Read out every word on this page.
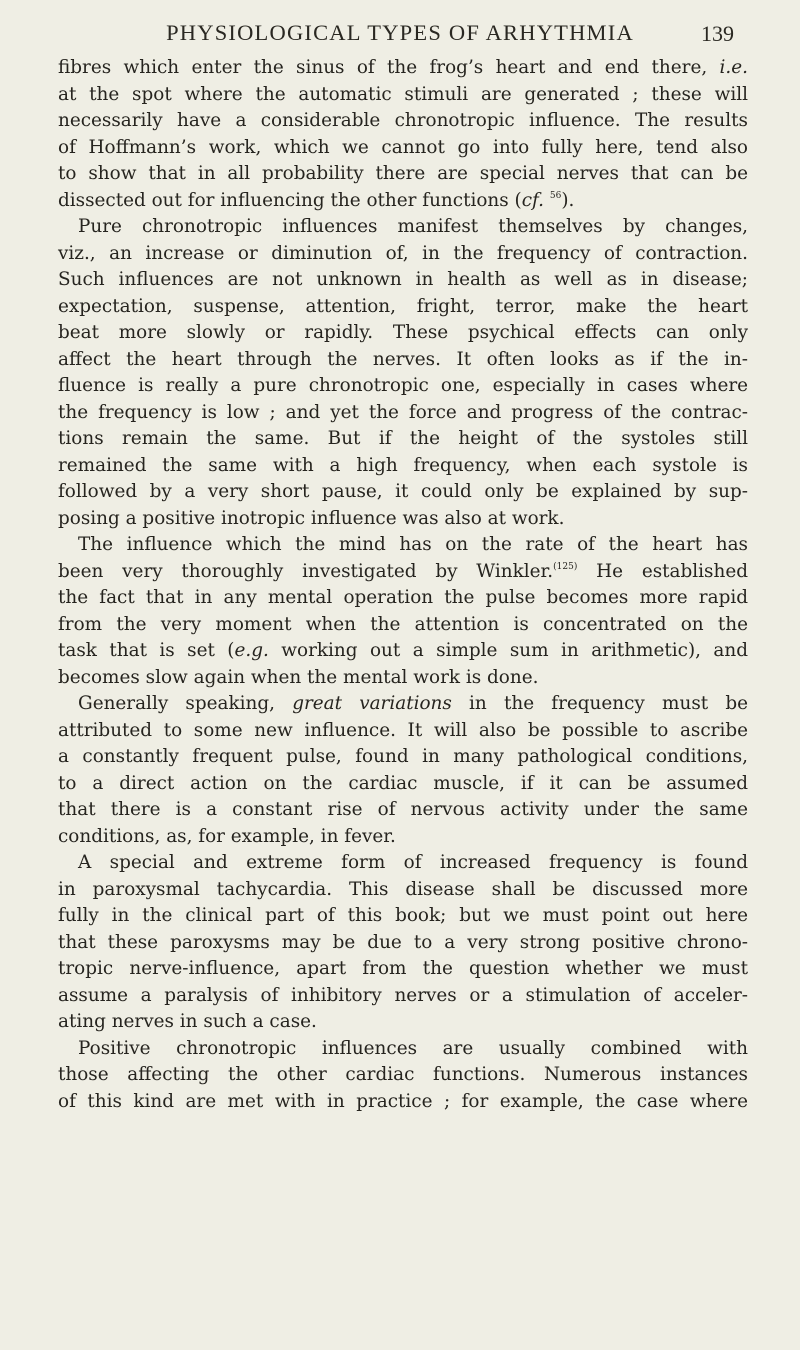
PHYSIOLOGICAL TYPES OF ARHYTHMIA	139
fibres which enter the sinus of the frog’s heart and end there, i.e.
at the spot where the automatic stimuli are generated ; these will
necessarily have a considerable chronotropic influence. The results
of Hoffmann’s work, which we cannot go into fully here, tend also
to show that in all probability there are special nerves that can be
dissected out for influencing the other functions (cf. $^{56}$).
Pure chronotropic influences manifest themselves by changes,
viz., an increase or diminution of, in the frequency of contraction.
Such influences are not unknown in health as well as in disease;
expectation, suspense, attention, fright, terror, make the heart
beat more slowly or rapidly. These psychical effects can only
affect the heart through the nerves. It often looks as if the in-
fluence is really a pure chronotropic one, especially in cases where
the frequency is low ; and yet the force and progress of the contrac-
tions remain the same. But if the height of the systoles still
remained the same with a high frequency, when each systole is
followed by a very short pause, it could only be explained by sup-
posing a positive inotropic influence was also at work.
The influence which the mind has on the rate of the heart has
been very thoroughly investigated by Winkler.$^{(125)}$ He established
the fact that in any mental operation the pulse becomes more rapid
from the very moment when the attention is concentrated on the
task that is set (e.g. working out a simple sum in arithmetic), and
becomes slow again when the mental work is done.
Generally speaking, great variations in the frequency must be
attributed to some new influence. It will also be possible to ascribe
a constantly frequent pulse, found in many pathological conditions,
to a direct action on the cardiac muscle, if it can be assumed
that there is a constant rise of nervous activity under the same
conditions, as, for example, in fever.
A special and extreme form of increased frequency is found
in paroxysmal tachycardia. This disease shall be discussed more
fully in the clinical part of this book; but we must point out here
that these paroxysms may be due to a very strong positive chrono-
tropic nerve-influence, apart from the question whether we must
assume a paralysis of inhibitory nerves or a stimulation of acceler-
ating nerves in such a case.
Positive chronotropic influences are usually combined with
those affecting the other cardiac functions. Numerous instances
of this kind are met with in practice ; for example, the case where
